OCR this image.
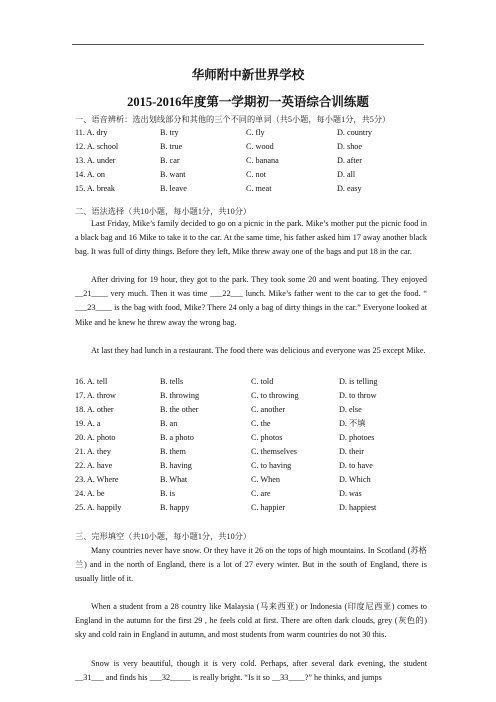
华师附中新世界学校
2015-2016年度第一学期初一英语综合训练题
一、语音辨析：选出划线部分和其他的三个不同的单词（共5小题，每小题1分，共5分）
11. A. dry	B. try	C. fly	D. country
12. A. school	B. true	C. wood	D. shoe
13. A. under	B. car	C. banana	D. after
14. A. on	B. want	C. not	D. all
15. A. break	B. leave	C. meat	D. easy
二、语法选择（共10小题，每小题1分，共10分）
Last Friday, Mike’s family decided to go on a picnic in the park. Mike’s mother put the picnic food in a black bag and 16 Mike to take it to the car. At the same time, his father asked him 17 away another black bag. It was full of dirty things. Before they left, Mike threw away one of the bags and put 18 in the car.
After driving for 19 hour, they got to the park. They took some 20 and went boating. They enjoyed __21____ very much. Then it was time ___22___ lunch. Mike’s father went to the car to get the food. “ ___23____ is the bag with food, Mike? There 24 only a bag of dirty things in the car.” Everyone looked at Mike and he knew he threw away the wrong bag.
At last they had lunch in a restaurant. The food there was delicious and everyone was 25 except Mike.
16. A. tell	B. tells	C. told	D. is telling
17. A. throw	B. throwing	C. to throwing	D. to throw
18. A. other	B. the other	C. another	D. else
19. A. a	B. an	C. the	D. 不填
20. A. photo	B. a photo	C. photos	D. photoes
21. A. they	B. them	C. themselves	D. their
22. A. have	B. having	C. to having	D. to have
23. A. Where	B. What	C. When	D. Which
24. A. be	B. is	C. are	D. was
25. A. happily	B. happy	C. happier	D. happiest
三、完形填空（共10小题，每小题1分，共10分）
Many countries never have snow. Or they have it 26 on the tops of high mountains. In Scotland (苏格兰) and in the north of England, there is a lot of 27 every winter. But in the south of England, there is usually little of it.
When a student from a 28 country like Malaysia (马来西亚) or Indonesia (印度尼西亚) comes to England in the autumn for the first 29 , he feels cold at first. There are often dark clouds, grey (灰色的) sky and cold rain in England in autumn, and most students from warm countries do not 30 this.
Snow is very beautiful, though it is very cold. Perhaps, after several dark evening, the student __31___ and finds his ___32_____ is really bright. “Is it so __33____?” he thinks, and jumps
